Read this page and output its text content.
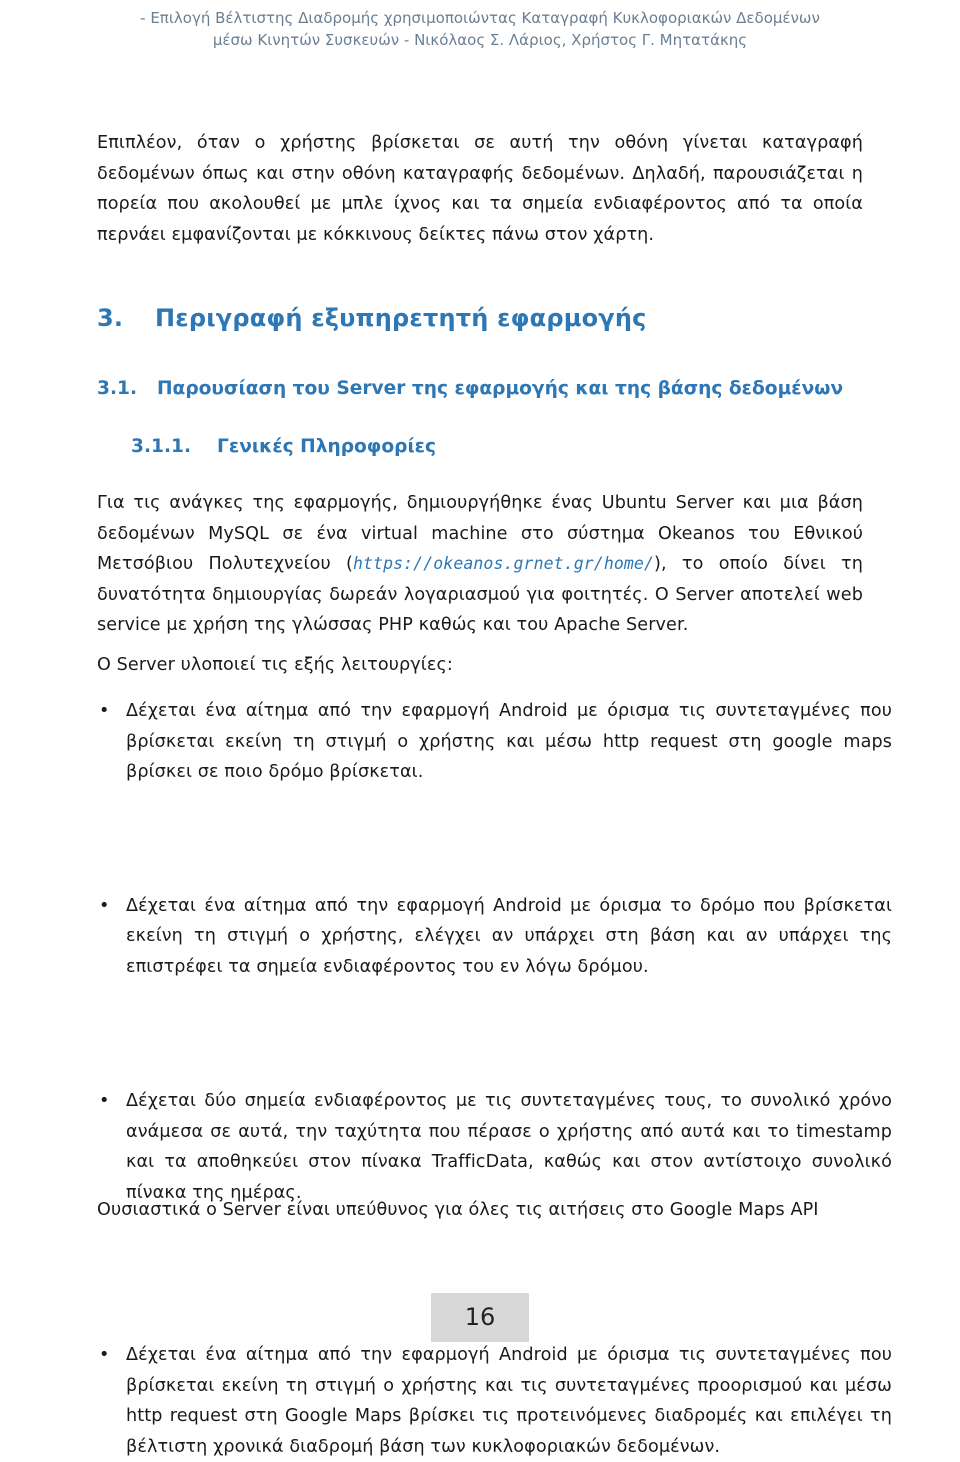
- Επιλογή Βέλτιστης Διαδρομής χρησιμοποιώντας Καταγραφή Κυκλοφοριακών Δεδομένων
μέσω Κινητών Συσκευών - Νικόλαος Σ. Λάριος, Χρήστος Γ. Μητατάκης

Επιπλέον, όταν ο χρήστης βρίσκεται σε αυτή την οθόνη γίνεται καταγραφή δεδομένων όπως και στην οθόνη καταγραφής δεδομένων. Δηλαδή, παρουσιάζεται η πορεία που ακολουθεί με μπλε ίχνος και τα σημεία ενδιαφέροντος από τα οποία περνάει εμφανίζονται με κόκκινους δείκτες πάνω στον χάρτη.

3. Περιγραφή εξυπηρετητή εφαρμογής
3.1. Παρουσίαση του Server της εφαρμογής και της βάσης δεδομένων
3.1.1. Γενικές Πληροφορίες

Για τις ανάγκες της εφαρμογής, δημιουργήθηκε ένας Ubuntu Server και μια βάση δεδομένων MySQL σε ένα virtual machine στο σύστημα Okeanos του Εθνικού Μετσόβιου Πολυτεχνείου (https://okeanos.grnet.gr/home/), το οποίο δίνει τη δυνατότητα δημιουργίας δωρεάν λογαριασμού για φοιτητές. Ο Server αποτελεί web service με χρήση της γλώσσας PHP καθώς και του Apache Server.

Ο Server υλοποιεί τις εξής λειτουργίες:

• Δέχεται ένα αίτημα από την εφαρμογή Android με όρισμα τις συντεταγμένες που βρίσκεται εκείνη τη στιγμή ο χρήστης και μέσω http request στη google maps βρίσκει σε ποιο δρόμο βρίσκεται.

• Δέχεται ένα αίτημα από την εφαρμογή Android με όρισμα το δρόμο που βρίσκεται εκείνη τη στιγμή ο χρήστης, ελέγχει αν υπάρχει στη βάση και αν υπάρχει της επιστρέφει τα σημεία ενδιαφέροντος του εν λόγω δρόμου.

• Δέχεται δύο σημεία ενδιαφέροντος με τις συντεταγμένες τους, το συνολικό χρόνο ανάμεσα σε αυτά, την ταχύτητα που πέρασε ο χρήστης από αυτά και το timestamp και τα αποθηκεύει στον πίνακα TrafficData, καθώς και στον αντίστοιχο συνολικό πίνακα της ημέρας.

• Δέχεται ένα αίτημα από την εφαρμογή Android με όρισμα τις συντεταγμένες που βρίσκεται εκείνη τη στιγμή ο χρήστης και τις συντεταγμένες προορισμού και μέσω http request στη Google Maps βρίσκει τις προτεινόμενες διαδρομές και επιλέγει τη βέλτιστη χρονικά διαδρομή βάση των κυκλοφοριακών δεδομένων.

Ουσιαστικά ο Server είναι υπεύθυνος για όλες τις αιτήσεις στο Google Maps API

16
